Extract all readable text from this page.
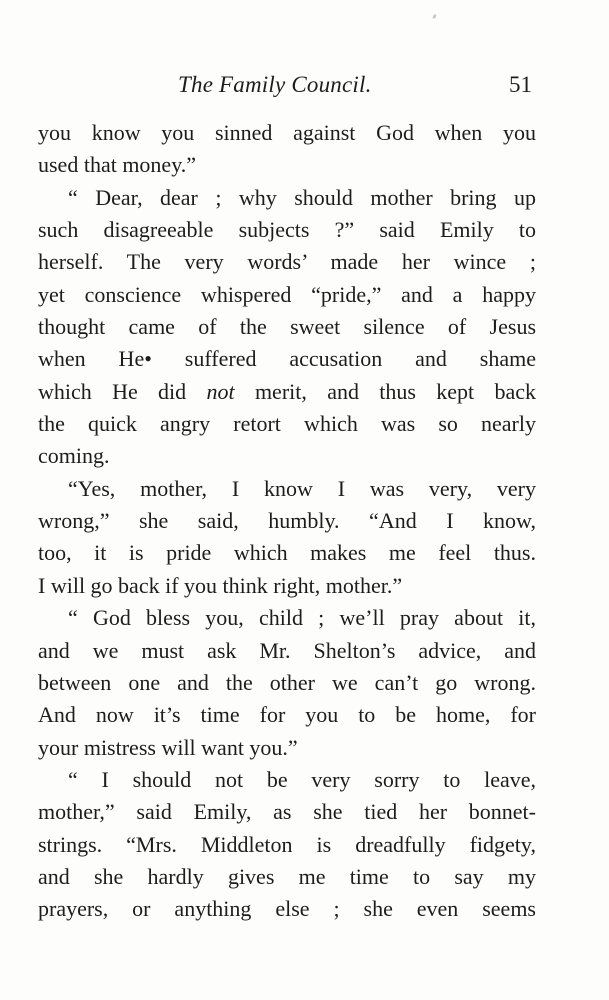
The Family Council.	51
you know you sinned against God when you
used that money.”
“ Dear, dear ; why should mother bring up
such disagreeable subjects ?” said Emily to
herself. The very words’ made her wince ;
yet conscience whispered “pride,” and a happy
thought came of the sweet silence of Jesus
when He• suffered accusation and shame
which He did not merit, and thus kept back
the quick angry retort which was so nearly
coming.
“Yes, mother, I know I was very, very
wrong,” she said, humbly. “And I know,
too, it is pride which makes me feel thus.
I will go back if you think right, mother.”
“ God bless you, child ; we’ll pray about it,
and we must ask Mr. Shelton’s advice, and
between one and the other we can’t go wrong.
And now it’s time for you to be home, for
your mistress will want you.”
“ I should not be very sorry to leave,
mother,” said Emily, as she tied her bonnet-
strings. “Mrs. Middleton is dreadfully fidgety,
and she hardly gives me time to say my
prayers, or anything else ; she even seems
